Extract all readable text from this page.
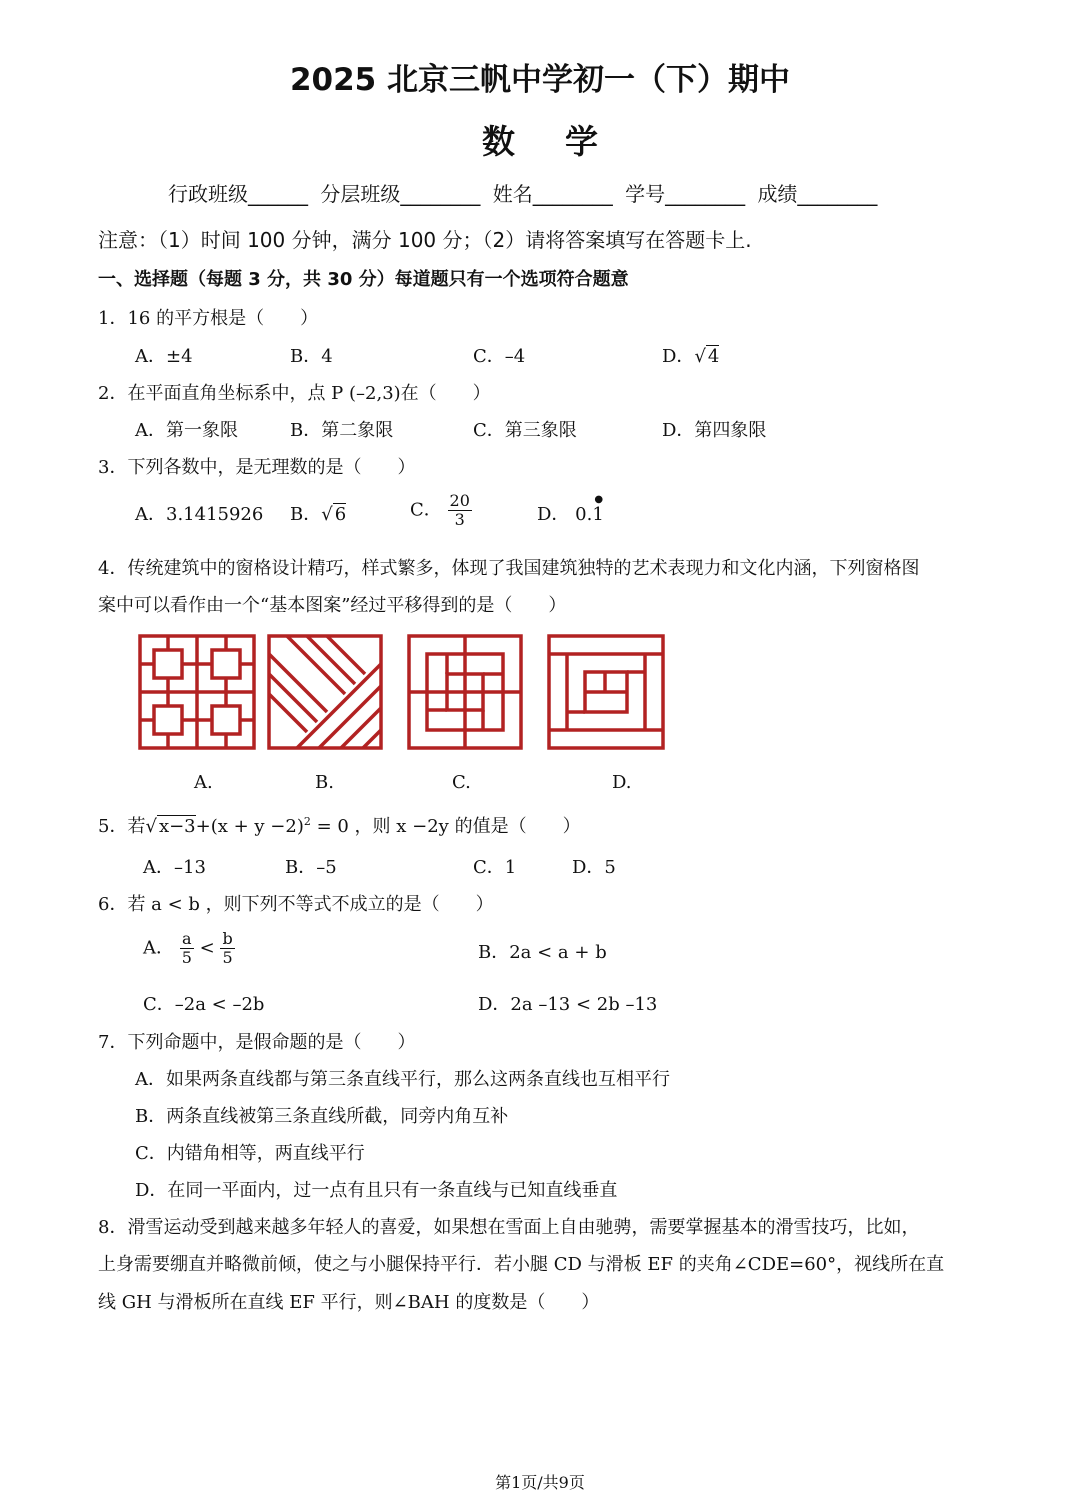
2025 北京三帆中学初一（下）期中
数学
行政班级______ 分层班级________ 姓名________ 学号________ 成绩________
注意：（1）时间 100 分钟，满分 100 分；（2）请将答案填写在答题卡上.
一、选择题（每题 3 分，共 30 分）每道题只有一个选项符合题意
1．16 的平方根是（　　）
A．±4	B．4	C．–4	D．√ 4
2．在平面直角坐标系中，点 P (–2,3)在（　　）
A．第一象限	B．第二象限	C．第三象限	D．第四象限
3．下列各数中，是无理数的是（　　）
A．3.1415926 B．√ 6	C． $\frac{20}{3}$	D． 0.
●
1
4．传统建筑中的窗格设计精巧，样式繁多，体现了我国建筑独特的艺术表现力和文化内涵，下列窗格图
案中可以看作由一个“基本图案”经过平移得到的是（　　）
A.	B.	C.	D.
5．若√ $x-3+(x + y -2)^2 = 0$ ，则 x −2y 的值是（　　）
A．–13	B．–5	C．1	D．5
6．若 a < b ，则下列不等式不成立的是（　　）
A． $\frac{a}{5} < \frac{b}{5}$	B．2a < a + b
C．–2a < –2b	D．2a –13 < 2b –13
7．下列命题中，是假命题的是（　　）
A．如果两条直线都与第三条直线平行，那么这两条直线也互相平行
B．两条直线被第三条直线所截，同旁内角互补
C．内错角相等，两直线平行
D．在同一平面内，过一点有且只有一条直线与已知直线垂直
8．滑雪运动受到越来越多年轻人的喜爱，如果想在雪面上自由驰骋，需要掌握基本的滑雪技巧，比如，
上身需要绷直并略微前倾，使之与小腿保持平行．若小腿 CD 与滑板 EF 的夹角∠CDE=60°，视线所在直
线 GH 与滑板所在直线 EF 平行，则∠BAH 的度数是（　　）
第1页/共9页
